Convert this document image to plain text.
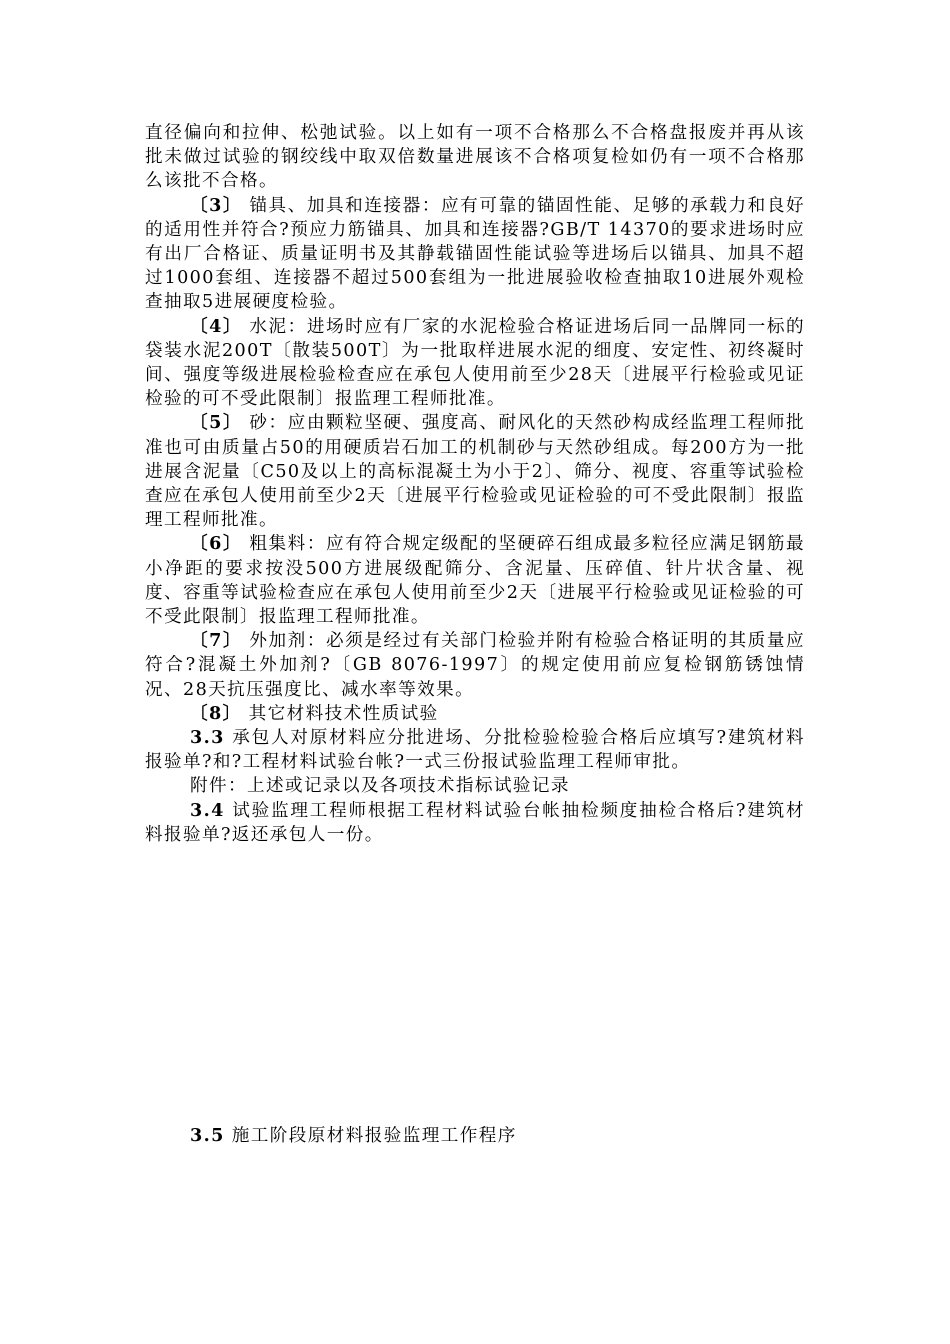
直径偏向和拉伸、松弛试验。以上如有一项不合格那么不合格盘报废并再从该批未做过试验的钢绞线中取双倍数量进展该不合格项复检如仍有一项不合格那么该批不合格。

〔3〕 锚具、加具和连接器：应有可靠的锚固性能、足够的承载力和良好的适用性并符合?预应力筋锚具、加具和连接器?GB/T 14370的要求进场时应有出厂合格证、质量证明书及其静载锚固性能试验等进场后以锚具、加具不超过1000套组、连接器不超过500套组为一批进展验收检查抽取10进展外观检查抽取5进展硬度检验。

〔4〕 水泥：进场时应有厂家的水泥检验合格证进场后同一品牌同一标的袋装水泥200T〔散装500T〕为一批取样进展水泥的细度、安定性、初终凝时间、强度等级进展检验检查应在承包人使用前至少28天〔进展平行检验或见证检验的可不受此限制〕报监理工程师批准。

〔5〕 砂：应由颗粒坚硬、强度高、耐风化的天然砂构成经监理工程师批准也可由质量占50的用硬质岩石加工的机制砂与天然砂组成。每200方为一批进展含泥量〔C50及以上的高标混凝土为小于2〕、筛分、视度、容重等试验检查应在承包人使用前至少2天〔进展平行检验或见证检验的可不受此限制〕报监理工程师批准。

〔6〕 粗集料：应有符合规定级配的坚硬碎石组成最多粒径应满足钢筋最小净距的要求按没500方进展级配筛分、含泥量、压碎值、针片状含量、视度、容重等试验检查应在承包人使用前至少2天〔进展平行检验或见证检验的可不受此限制〕报监理工程师批准。

〔7〕 外加剂：必须是经过有关部门检验并附有检验合格证明的其质量应符合?混凝土外加剂?〔GB 8076-1997〕的规定使用前应复检钢筋锈蚀情况、28天抗压强度比、减水率等效果。

〔8〕 其它材料技术性质试验

3.3 承包人对原材料应分批进场、分批检验检验合格后应填写?建筑材料报验单?和?工程材料试验台帐?一式三份报试验监理工程师审批。

附件：上述或记录以及各项技术指标试验记录

3.4 试验监理工程师根据工程材料试验台帐抽检频度抽检合格后?建筑材料报验单?返还承包人一份。

3.5 施工阶段原材料报验监理工作程序
